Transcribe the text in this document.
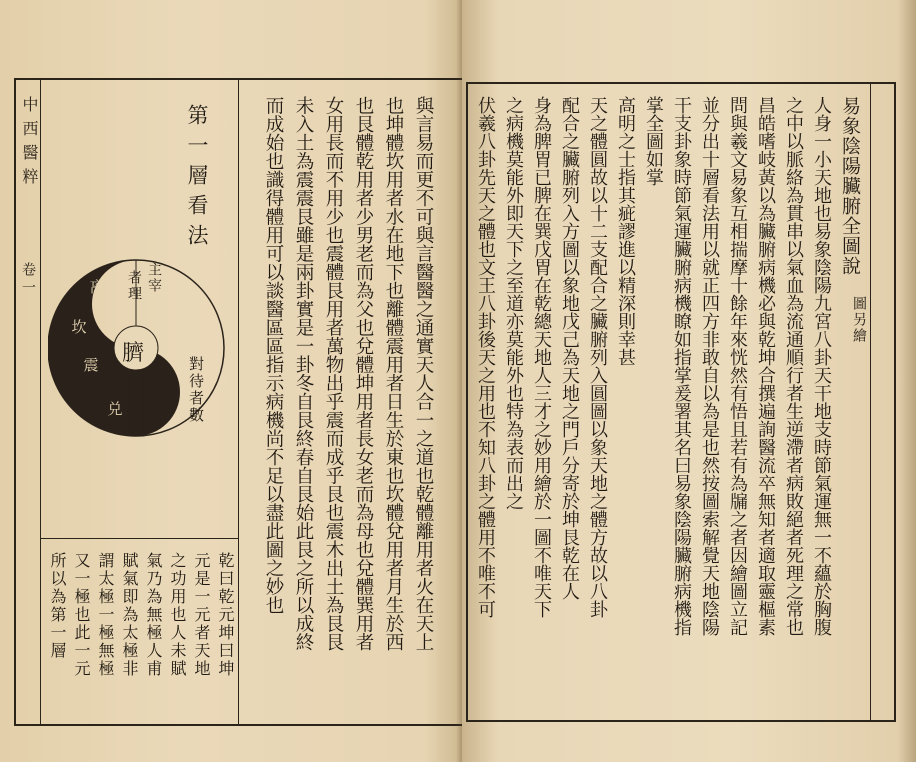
中西醫粹
卷一
第一層看法
臍
主宰
者理
對待者數
离
坎
震
兑
乾曰乾元坤曰坤
元是一元者天地
之功用也人未賦
氣乃為無極人甫
賦氣即為太極非
謂太極一極無極
又一極也此一元
所以為第一層	與言易而更不可與言醫醫之通實天人合一之道也乾體離用者火在天上
也坤體坎用者水在地下也離體震用者日生於東也坎體兌用者月生於西
也艮體乾用者少男老而為父也兌體坤用者長女老而為母也兌體巽用者
女用長而不用少也震體艮用者萬物出乎震而成乎艮也震木出土為艮艮
未入土為震震艮雖是兩卦實是一卦冬自艮終春自艮始此艮之所以成終
而成始也識得體用可以談醫區區指示病機尚不足以盡此圖之妙也	易象陰陽臟腑全圖說
圖另繪
人身一小天地也易象陰陽九宮八卦天干地支時節氣運無一不蘊於胸腹
之中以脈絡為貫串以氣血為流通順行者生逆滯者病敗絕者死理之常也
昌皓嗜岐黃以為臟腑病機必與乾坤合撰遍詢醫流卒無知者適取靈樞素
問與羲文易象互相揣摩十餘年來恍然有悟且若有為牖之者因繪圖立記
並分出十層看法用以就正四方非敢自以為是也然按圖索解覺天地陰陽
干支卦象時節氣運臟腑病機瞭如指掌爰署其名曰易象陰陽臟腑病機指
掌全圖如掌
高明之士指其疵謬進以精深則幸甚
天之體圓故以十二支配合之臟腑列入圓圖以象天地之體方故以八卦
配合之臟腑列入方圖以象地戊己為天地之門戶分寄於坤艮乾在人
身為脾胃已脾在巽戊胃在乾總天地人三才之妙用繪於一圖不唯天下
之病機莫能外即天下之至道亦莫能外也特為表而出之
伏羲八卦先天之體也文王八卦後天之用也不知八卦之體用不唯不可
